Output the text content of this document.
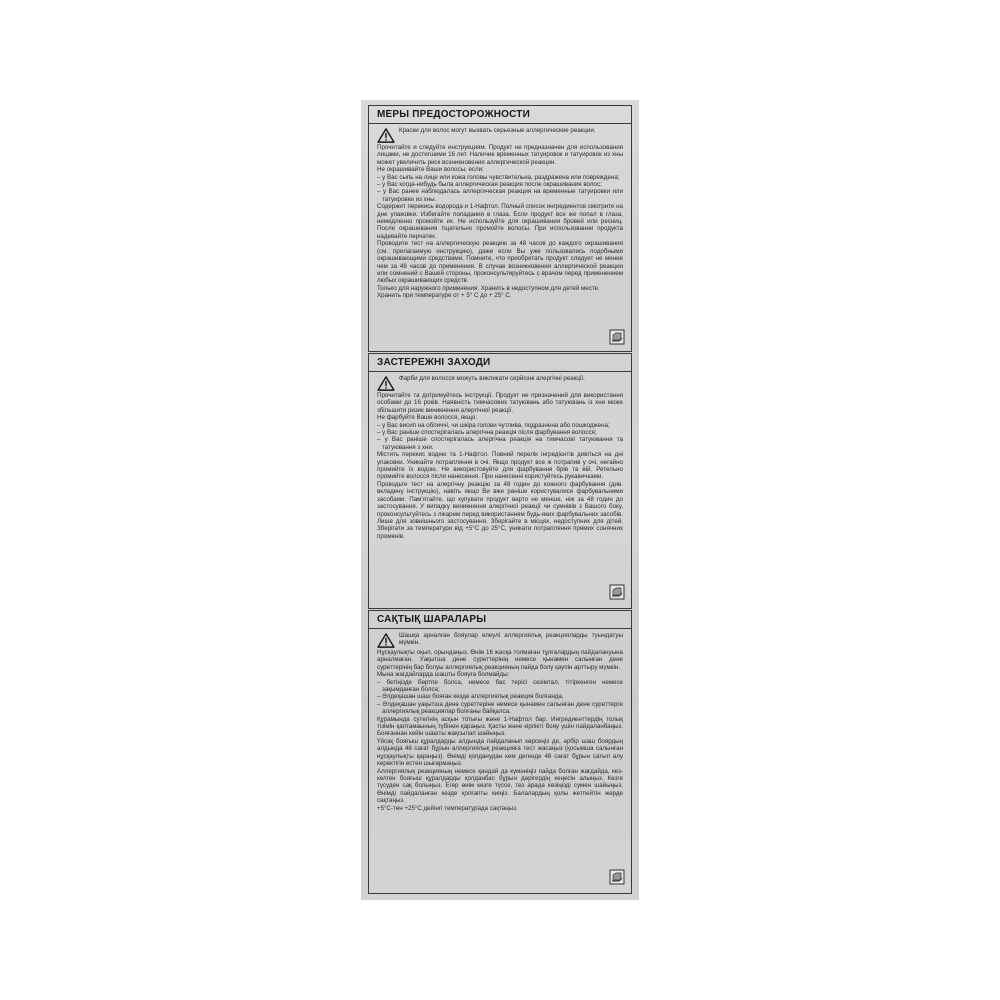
МЕРЫ ПРЕДОСТОРОЖНОСТИ

Краски для волос могут вызвать серьезные аллергические реакции.

Прочитайте и следуйте инструкциям. Продукт не предназначен для использования лицами, не достигшими 16 лет. Наличие временных татуировок и татуировок из хны может увеличить риск возникновения аллергической реакции.

Не окрашивайте Ваши волосы, если:

– у Вас сыпь на лице или кожа головы чувствительна, раздражена или повреждена;
– у Вас когда-нибудь была аллергическая реакция после окрашивания волос;
– у Вас ранее наблюдалась аллергическая реакция на временные татуировки или татуировки из хны.

Содержит перекись водорода и 1-Нафтол. Полный список ингредиентов смотрите на дне упаковки. Избегайте попадания в глаза. Если продукт все же попал в глаза, немедленно промойте их. Не используйте для окрашивания бровей или ресниц. После окрашивания тщательно промойте волосы. При использовании продукта надевайте перчатки.

Проводите тест на аллергическую реакцию за 48 часов до каждого окрашивания (см. прилагаемую инструкцию), даже если Вы уже пользовались подобными окрашивающими средствами. Помните, что приобретать продукт следует не менее чем за 48 часов до применения. В случае возникновения аллергической реакции или сомнений с Вашей стороны, проконсультируйтесь с врачом перед применением любых окрашивающих средств.

Только для наружного применения. Хранить в недоступном для детей месте.

Хранить при температуре от + 5° С до + 25° С.

ЗАСТЕРЕЖНІ ЗАХОДИ

Фарби для волосся можуть викликати серйозні алергічні реакції.

Прочитайте та дотримуйтесь інструкції. Продукт не призначений для використання особами до 16 років. Наявність тимчасових татуювань або татуювань із хни може збільшити ризик виникнення алергічної реакції.

Не фарбуйте Ваше волосся, якщо:

– у Вас висип на обличчі, чи шкіра голови чутлива, подразнена або пошкоджена;
– у Вас раніше спостерігалась алергічна реакція після фарбування волосся;
– у Вас раніше спостерігалась алергічна реакція на тимчасові татуювання та татуювання з хни.

Містить перекис водню та 1-Нафтол. Повний перелік інгредієнтів дивіться на дні упаковки. Уникайте потрапляння в очі. Якщо продукт все ж потрапив у очі, негайно промийте їх водою. Не використовуйте для фарбування брів та вій. Ретельно промийте волосся після нанесення. При нанесенні користуйтесь рукавичками.

Проводьте тест на алергічну реакцію за 48 годин до кожного фарбування (див. вкладену інструкцію), навіть якщо Ви вже раніше користувалися фарбувальними засобами. Пам'ятайте, що купувати продукт варто не менше, ніж за 48 годин до застосування. У випадку виникнення алергічної реакції чи сумнівів з Вашого боку, проконсультуйтесь з лікарем перед використанням будь-яких фарбувальних засобів. Лише для зовнішнього застосування. Зберігайте в місцях, недоступних для дітей. Зберігати за температури від +5°С до 25°С, уникати потрапляння прямих сонячних променів.

САҚТЫҚ ШАРАЛАРЫ

Шашқа арналған бояулар елеулі аллергиялық реакцияларды туындатуы мүмкін.

Нұсқаулықты оқып, орындаңыз. Өнім 16 жасқа толмаған тұлғалардың пайдалануына арналмаған. Уақытша дене суреттерінің немесе қынамен салынған дене суреттерінің бар болуы аллергиялық реакцияның пайда болу қаупін арттыру мүмкін.

Мына жағдайларда шашты бояуға болмайды:

– бетіңізде бөртпе болса, немесе бас терісі сезімтал, тітіркенген немесе зақымданған болса;
– Әлдеқашан шаш бояған кезде аллергиялық реакция болғанда,
– Әлдеқашан уақытша дене суреттеріне немесе қынамен салынған дене суреттерге аллергиялық реакциялар болғаны байқалса.

Құрамында сутегінің асқын тотығы және 1-Нафтол бар. Ингредиенттердің толық тізімін қаптамаының түбінен қараңыз. Қасты және кірпікті бояу үшін пайдаланбаңыз. Бояғаннан кейін шашты жақсылап шайыңыз.

Үйсақ бояғыш құралдарды алдында пайдаланып көрсеңіз де, әрбір шаш боярдың алдында 48 сағат бұрын аллергиялық реакцияға тест жасаңыз (қосымша салынған нұсқаулықты қараңыз). Өнімді қолданудан кем дегенде 48 сағат бұрын сатып алу керектігін естен шығармаңыз.

Аллергиялық реакцияның немесе қандай да күмәніңіз пайда болған жағдайда, кез-келген бояғыш құралдарды қолданбас бұрын дәрігердің кеңесін алыңыз. Көзге түсуден сақ болыңыз. Егер өнім көзге түссе, тез арада көзіңізді сумен шайыңыз. Өнімді пайдаланған кезде қолғапты киіңіз. Балалардың қолы жетпейтін жерде сақтаңыз.

+5°С-тен +25°С дейінгі температурада сақтаңыз.
